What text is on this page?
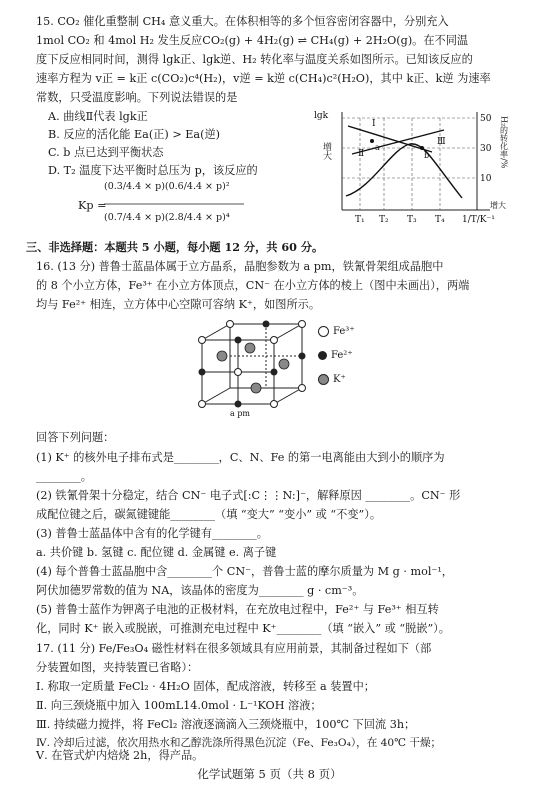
15. CO₂ 催化重整制 CH₄ 意义重大。在体积相等的多个恒容密闭容器中，分别充入
1mol CO₂ 和 4mol H₂ 发生反应CO₂(g) + 4H₂(g) ⇌ CH₄(g) + 2H₂O(g)。在不同温
度下反应相同时间，测得 lgk正、lgk逆、H₂ 转化率与温度关系如图所示。已知该反应的
速率方程为 v正 = k正 c(CO₂)c⁴(H₂)，v逆 = k逆 c(CH₄)c²(H₂O)，其中 k正、k逆 为速率
常数，只受温度影响。下列说法错误的是
A. 曲线Ⅱ代表 lgk正
B. 反应的活化能 Ea(正) > Ea(逆)
C. b 点已达到平衡状态
D. T₂ 温度下达平衡时总压为 p，该反应的
Kp =
(0.3/4.4 × p)(0.6/4.4 × p)²
(0.7/4.4 × p)(2.8/4.4 × p)⁴
lgk
增大
50
30
10
H₂的转化率/%
T₁ T₂ T₃ T₄ 1/T/K⁻¹
增大
Ⅰ
Ⅱ
Ⅲ
a
b
三、非选择题：本题共 5 小题，每小题 12 分，共 60 分。
16. (13 分) 普鲁士蓝晶体属于立方晶系，晶胞参数为 a pm，铁氰骨架组成晶胞中
的 8 个小立方体，Fe³⁺ 在小立方体顶点，CN⁻ 在小立方体的棱上（图中未画出），两端
均与 Fe²⁺ 相连，立方体中心空隙可容纳 K⁺，如图所示。
a pm
Fe³⁺
Fe²⁺
K⁺
回答下列问题：
(1) K⁺ 的核外电子排布式是________，C、N、Fe 的第一电离能由大到小的顺序为
________。
(2) 铁氰骨架十分稳定，结合 CN⁻ 电子式[:C⋮⋮N:]⁻，解释原因 ________。CN⁻ 形
成配位键之后，碳氮键键能________（填 “变大” “变小” 或 “不变”）。
(3) 普鲁士蓝晶体中含有的化学键有________。
a. 共价键 b. 氢键 c. 配位键 d. 金属键 e. 离子键
(4) 每个普鲁士蓝晶胞中含________个 CN⁻，普鲁士蓝的摩尔质量为 M g · mol⁻¹，
阿伏加德罗常数的值为 NA，该晶体的密度为________ g · cm⁻³。
(5) 普鲁士蓝作为钾离子电池的正极材料，在充放电过程中，Fe²⁺ 与 Fe³⁺ 相互转
化，同时 K⁺ 嵌入或脱嵌，可推测充电过程中 K⁺________（填 “嵌入” 或 “脱嵌”）。
17. (11 分) Fe/Fe₃O₄ 磁性材料在很多领域具有应用前景，其制备过程如下（部
分装置如图，夹持装置已省略）：
Ⅰ. 称取一定质量 FeCl₂ · 4H₂O 固体，配成溶液，转移至 a 装置中；
Ⅱ. 向三颈烧瓶中加入 100mL14.0mol · L⁻¹KOH 溶液；
Ⅲ. 持续磁力搅拌，将 FeCl₂ 溶液逐滴滴入三颈烧瓶中，100℃ 下回流 3h；
Ⅳ. 冷却后过滤，依次用热水和乙醇洗涤所得黑色沉淀（Fe、Fe₃O₄），在 40℃ 干燥；
化学试题第 5 页（共 8 页）
Ⅴ. 在管式炉内焙烧 2h，得产品。
